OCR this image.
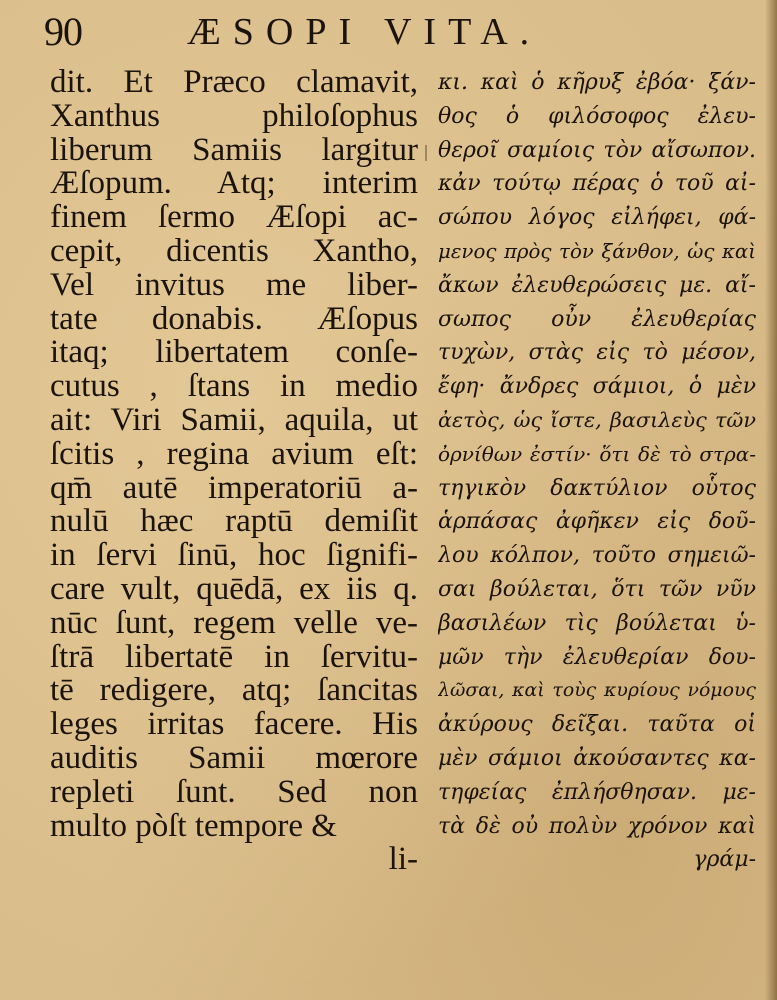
90	ÆSOPI VITA.
dit. Et Præco clamavit,
Xanthus philoſophus
liberum Samiis largitur
Æſopum. Atq; interim
finem ſermo Æſopi ac-
cepit, dicentis Xantho,
Vel invitus me liber-
tate donabis. Æſopus
itaq; libertatem conſe-
cutus , ſtans in medio
ait: Viri Samii, aquila, ut
ſcitis , regina avium eſt:
qm̄ autē imperatoriū a-
nulū hæc raptū demiſit
in ſervi ſinū, hoc ſignifi-
care vult, quēdā, ex iis q.
nūc ſunt, regem velle ve-
ſtrā libertatē in ſervitu-
tē redigere, atq; ſancitas
leges irritas facere. His
auditis Samii mœrore
repleti ſunt. Sed non
multo pòſt tempore &
li-
κι. καὶ ὁ κῆρυξ ἐβόα· ξάν-
θος ὁ φιλόσοφος ἐλευ-
θεροῖ σαμίοις τὸν αἴσωπον.
κἀν τούτῳ πέρας ὁ τοῦ αἰ-
σώπου λόγος εἰλήφει, φά-
μενος πρὸς τὸν ξάνθον, ὡς καὶ
ἄκων ἐλευθερώσεις με. αἴ-
σωπος οὖν ἐλευθερίας
τυχὼν, στὰς εἰς τὸ μέσον,
ἔφη· ἄνδρες σάμιοι, ὁ μὲν
ἀετὸς, ὡς ἴστε, βασιλεὺς τῶν
ὀρνίθων ἐστίν· ὅτι δὲ τὸ στρα-
τηγικὸν δακτύλιον οὗτος
ἁρπάσας ἀφῆκεν εἰς δοῦ-
λου κόλπον, τοῦτο σημειῶ-
σαι βούλεται, ὅτι τῶν νῦν
βασιλέων τὶς βούλεται ὑ-
μῶν τὴν ἐλευθερίαν δου-
λῶσαι, καὶ τοὺς κυρίους νόμους
ἀκύρους δεῖξαι. ταῦτα οἱ
μὲν σάμιοι ἀκούσαντες κα-
τηφείας ἐπλήσθησαν. με-
τὰ δὲ οὐ πολὺν χρόνον καὶ
γράμ-
